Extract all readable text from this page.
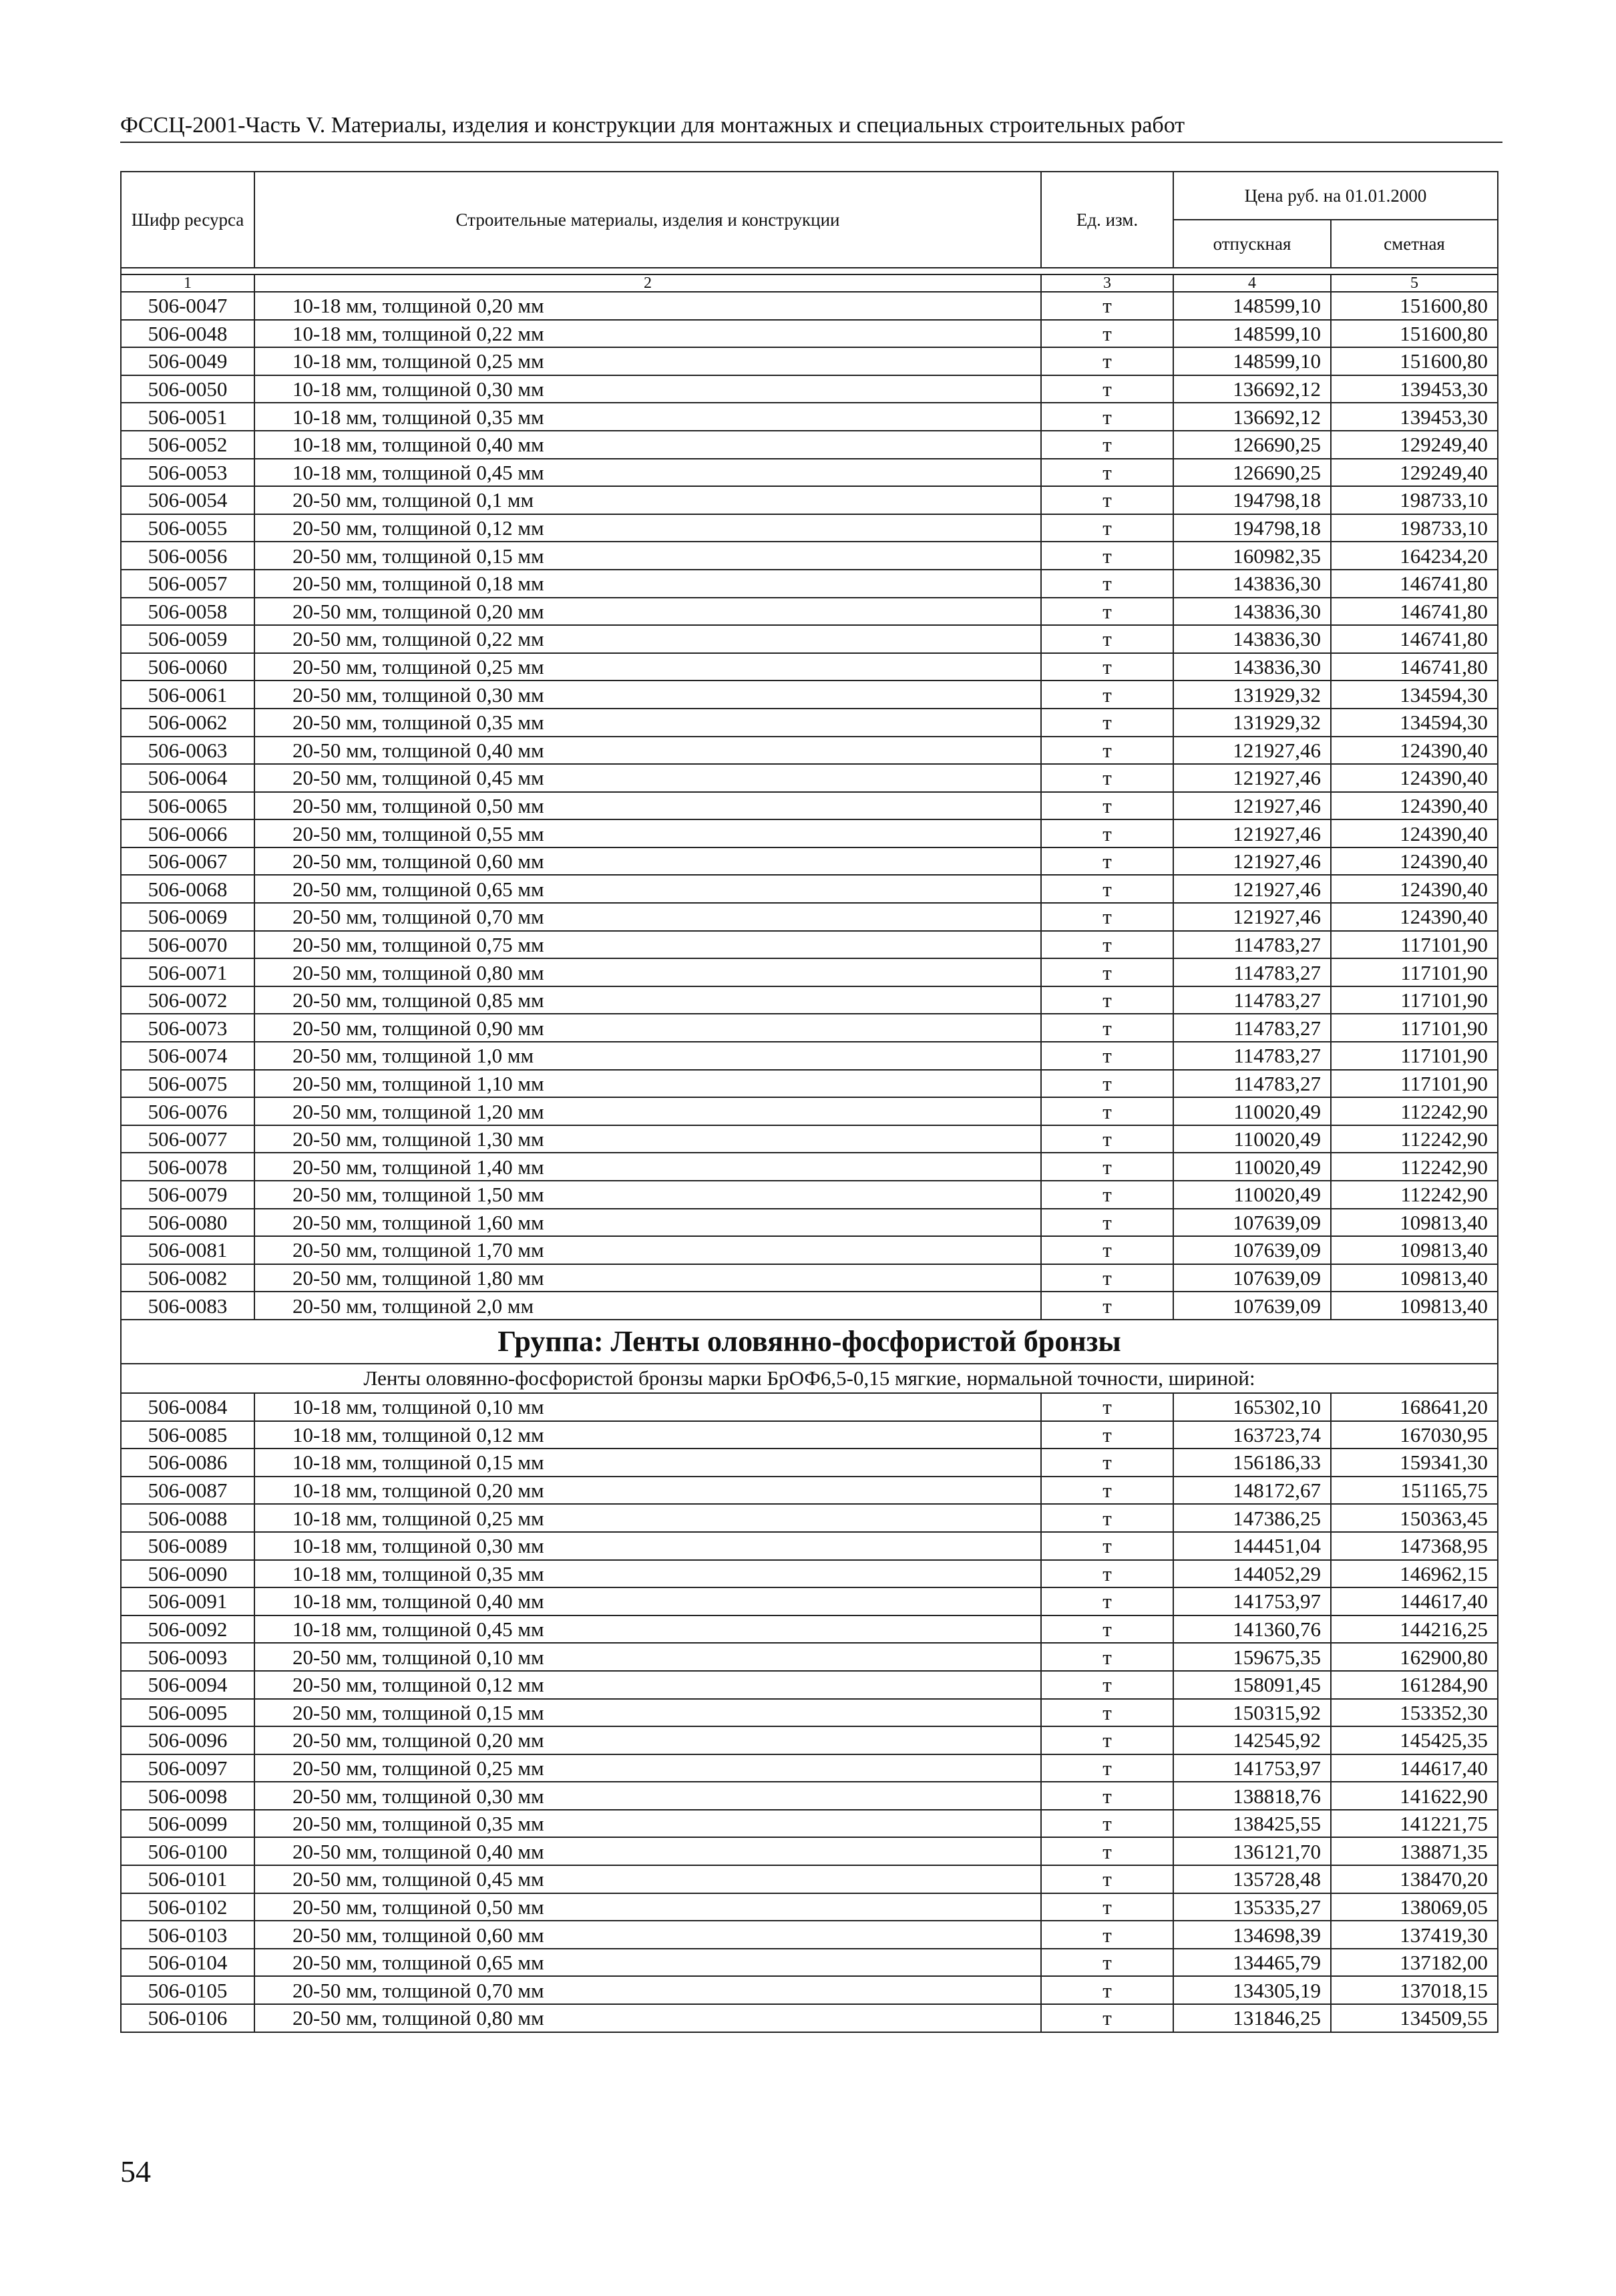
ФССЦ-2001-Часть V. Материалы, изделия и конструкции для монтажных и специальных строительных работ
Шифр ресурса	Строительные материалы, изделия и конструкции	Ед. изм.	Цена руб. на 01.01.2000	
			отпускная	сметная

1	2	3	4	5
506-0047	10-18 мм, толщиной 0,20 мм	т	148599,10	151600,80
506-0048	10-18 мм, толщиной 0,22 мм	т	148599,10	151600,80
506-0049	10-18 мм, толщиной 0,25 мм	т	148599,10	151600,80
506-0050	10-18 мм, толщиной 0,30 мм	т	136692,12	139453,30
506-0051	10-18 мм, толщиной 0,35 мм	т	136692,12	139453,30
506-0052	10-18 мм, толщиной 0,40 мм	т	126690,25	129249,40
506-0053	10-18 мм, толщиной 0,45 мм	т	126690,25	129249,40
506-0054	20-50 мм, толщиной 0,1 мм	т	194798,18	198733,10
506-0055	20-50 мм, толщиной 0,12 мм	т	194798,18	198733,10
506-0056	20-50 мм, толщиной 0,15 мм	т	160982,35	164234,20
506-0057	20-50 мм, толщиной 0,18 мм	т	143836,30	146741,80
506-0058	20-50 мм, толщиной 0,20 мм	т	143836,30	146741,80
506-0059	20-50 мм, толщиной 0,22 мм	т	143836,30	146741,80
506-0060	20-50 мм, толщиной 0,25 мм	т	143836,30	146741,80
506-0061	20-50 мм, толщиной 0,30 мм	т	131929,32	134594,30
506-0062	20-50 мм, толщиной 0,35 мм	т	131929,32	134594,30
506-0063	20-50 мм, толщиной 0,40 мм	т	121927,46	124390,40
506-0064	20-50 мм, толщиной 0,45 мм	т	121927,46	124390,40
506-0065	20-50 мм, толщиной 0,50 мм	т	121927,46	124390,40
506-0066	20-50 мм, толщиной 0,55 мм	т	121927,46	124390,40
506-0067	20-50 мм, толщиной 0,60 мм	т	121927,46	124390,40
506-0068	20-50 мм, толщиной 0,65 мм	т	121927,46	124390,40
506-0069	20-50 мм, толщиной 0,70 мм	т	121927,46	124390,40
506-0070	20-50 мм, толщиной 0,75 мм	т	114783,27	117101,90
506-0071	20-50 мм, толщиной 0,80 мм	т	114783,27	117101,90
506-0072	20-50 мм, толщиной 0,85 мм	т	114783,27	117101,90
506-0073	20-50 мм, толщиной 0,90 мм	т	114783,27	117101,90
506-0074	20-50 мм, толщиной 1,0 мм	т	114783,27	117101,90
506-0075	20-50 мм, толщиной 1,10 мм	т	114783,27	117101,90
506-0076	20-50 мм, толщиной 1,20 мм	т	110020,49	112242,90
506-0077	20-50 мм, толщиной 1,30 мм	т	110020,49	112242,90
506-0078	20-50 мм, толщиной 1,40 мм	т	110020,49	112242,90
506-0079	20-50 мм, толщиной 1,50 мм	т	110020,49	112242,90
506-0080	20-50 мм, толщиной 1,60 мм	т	107639,09	109813,40
506-0081	20-50 мм, толщиной 1,70 мм	т	107639,09	109813,40
506-0082	20-50 мм, толщиной 1,80 мм	т	107639,09	109813,40
506-0083	20-50 мм, толщиной 2,0 мм	т	107639,09	109813,40
Группа: Ленты оловянно-фосфористой бронзы				
Ленты оловянно-фосфористой бронзы марки БрОФ6,5-0,15 мягкие, нормальной точности, шириной:				
506-0084	10-18 мм, толщиной 0,10 мм	т	165302,10	168641,20
506-0085	10-18 мм, толщиной 0,12 мм	т	163723,74	167030,95
506-0086	10-18 мм, толщиной 0,15 мм	т	156186,33	159341,30
506-0087	10-18 мм, толщиной 0,20 мм	т	148172,67	151165,75
506-0088	10-18 мм, толщиной 0,25 мм	т	147386,25	150363,45
506-0089	10-18 мм, толщиной 0,30 мм	т	144451,04	147368,95
506-0090	10-18 мм, толщиной 0,35 мм	т	144052,29	146962,15
506-0091	10-18 мм, толщиной 0,40 мм	т	141753,97	144617,40
506-0092	10-18 мм, толщиной 0,45 мм	т	141360,76	144216,25
506-0093	20-50 мм, толщиной 0,10 мм	т	159675,35	162900,80
506-0094	20-50 мм, толщиной 0,12 мм	т	158091,45	161284,90
506-0095	20-50 мм, толщиной 0,15 мм	т	150315,92	153352,30
506-0096	20-50 мм, толщиной 0,20 мм	т	142545,92	145425,35
506-0097	20-50 мм, толщиной 0,25 мм	т	141753,97	144617,40
506-0098	20-50 мм, толщиной 0,30 мм	т	138818,76	141622,90
506-0099	20-50 мм, толщиной 0,35 мм	т	138425,55	141221,75
506-0100	20-50 мм, толщиной 0,40 мм	т	136121,70	138871,35
506-0101	20-50 мм, толщиной 0,45 мм	т	135728,48	138470,20
506-0102	20-50 мм, толщиной 0,50 мм	т	135335,27	138069,05
506-0103	20-50 мм, толщиной 0,60 мм	т	134698,39	137419,30
506-0104	20-50 мм, толщиной 0,65 мм	т	134465,79	137182,00
506-0105	20-50 мм, толщиной 0,70 мм	т	134305,19	137018,15
506-0106	20-50 мм, толщиной 0,80 мм	т	131846,25	134509,55
54
